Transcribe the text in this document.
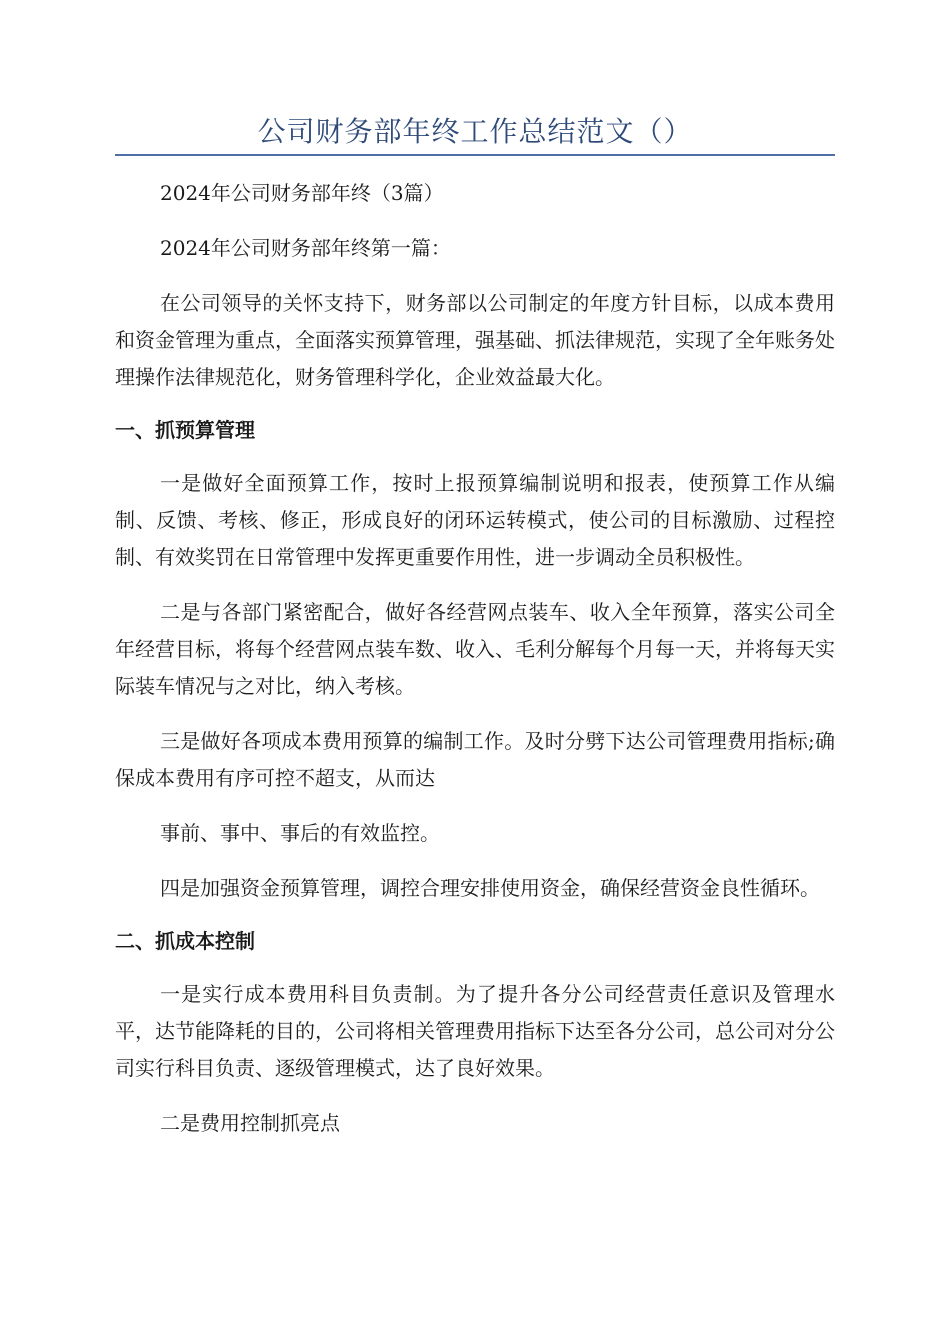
公司财务部年终工作总结范文（）

2024年公司财务部年终（3篇）

2024年公司财务部年终第一篇：

在公司领导的关怀支持下，财务部以公司制定的年度方针目标，以成本费用和资金管理为重点，全面落实预算管理，强基础、抓法律规范，实现了全年账务处理操作法律规范化，财务管理科学化，企业效益最大化。

一、抓预算管理

一是做好全面预算工作，按时上报预算编制说明和报表，使预算工作从编制、反馈、考核、修正，形成良好的闭环运转模式，使公司的目标激励、过程控制、有效奖罚在日常管理中发挥更重要作用性，进一步调动全员积极性。

二是与各部门紧密配合，做好各经营网点装车、收入全年预算，落实公司全年经营目标，将每个经营网点装车数、收入、毛利分解每个月每一天，并将每天实际装车情况与之对比，纳入考核。

三是做好各项成本费用预算的编制工作。及时分劈下达公司管理费用指标;确保成本费用有序可控不超支，从而达

事前、事中、事后的有效监控。

四是加强资金预算管理，调控合理安排使用资金，确保经营资金良性循环。

二、抓成本控制

一是实行成本费用科目负责制。为了提升各分公司经营责任意识及管理水平，达节能降耗的目的，公司将相关管理费用指标下达至各分公司，总公司对分公司实行科目负责、逐级管理模式，达了良好效果。

二是费用控制抓亮点
